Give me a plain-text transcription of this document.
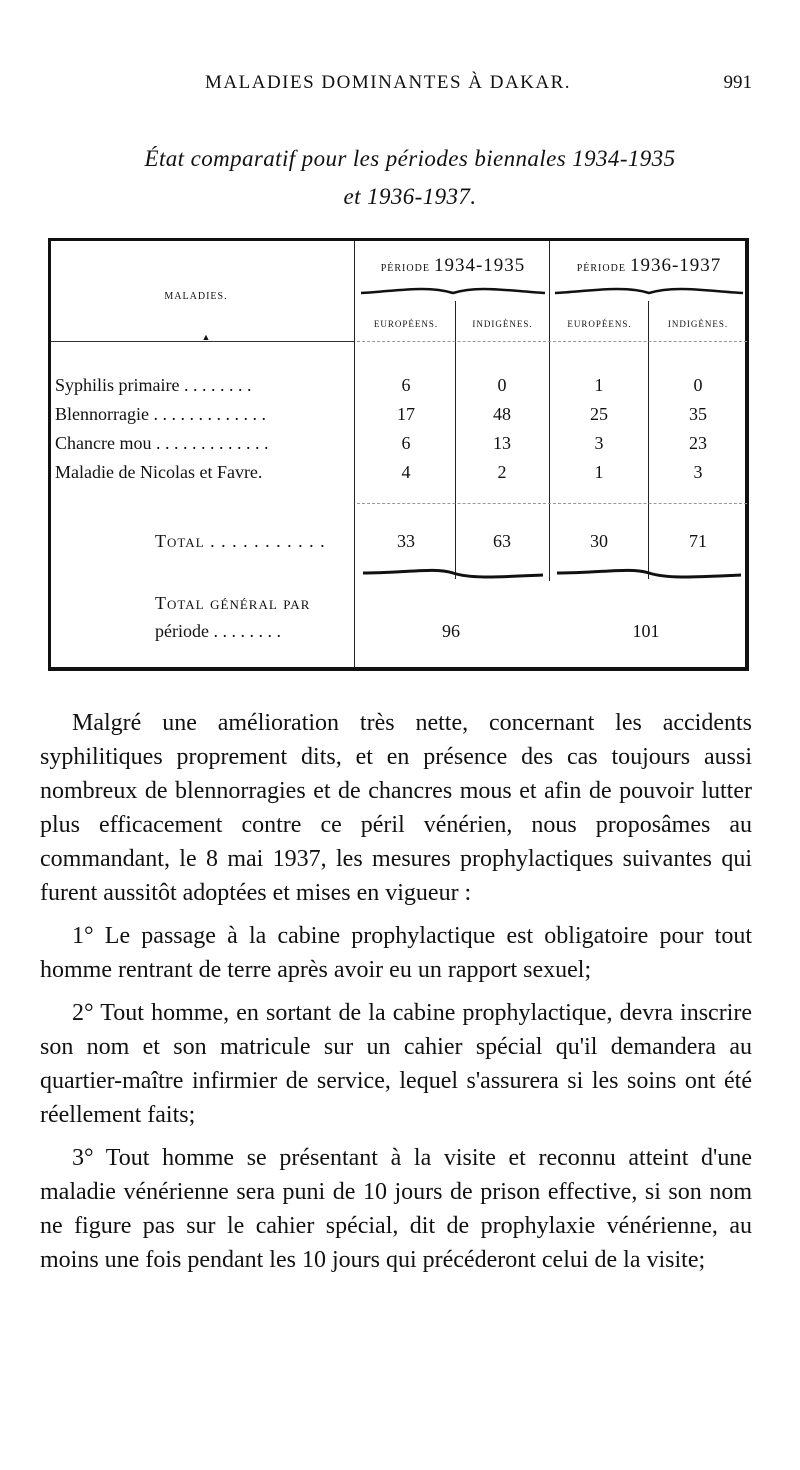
MALADIES DOMINANTES À DAKAR.	991
État comparatif pour les périodes biennales 1934-1935
et 1936-1937.
MALADIES.
▲
PÉRIODE 1934-1935	PÉRIODE 1936-1937
EUROPÉENS.	INDIGÈNES.	EUROPÉENS.	INDIGÈNES.
Syphilis primaire . . . . . . . .	6	0	1	0
Blennorragie . . . . . . . . . . . . .	17	48	25	35
Chancre mou . . . . . . . . . . . . .	6	13	3	23
Maladie de Nicolas et Favre.	4	2	1	3
Total . . . . . . . . . . .	33	63	30	71
Total général par
période . . . . . . . .	96	101

Malgré une amélioration très nette, concernant les accidents syphilitiques proprement dits, et en présence des cas toujours aussi nombreux de blennorragies et de chancres mous et afin de pouvoir lutter plus efficacement contre ce péril vénérien, nous proposâmes au commandant, le 8 mai 1937, les mesures prophylactiques suivantes qui furent aussitôt adoptées et mises en vigueur :

1° Le passage à la cabine prophylactique est obligatoire pour tout homme rentrant de terre après avoir eu un rapport sexuel;

2° Tout homme, en sortant de la cabine prophylactique, devra inscrire son nom et son matricule sur un cahier spécial qu'il demandera au quartier-maître infirmier de service, lequel s'assurera si les soins ont été réellement faits;

3° Tout homme se présentant à la visite et reconnu atteint d'une maladie vénérienne sera puni de 10 jours de prison effective, si son nom ne figure pas sur le cahier spécial, dit de prophylaxie vénérienne, au moins une fois pendant les 10 jours qui précéderont celui de la visite;
